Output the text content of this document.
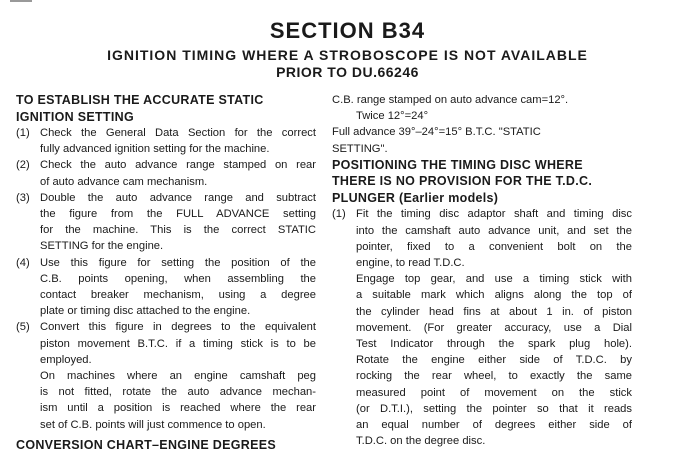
SECTION B34
IGNITION TIMING WHERE A STROBOSCOPE IS NOT AVAILABLE
PRIOR TO DU.66246
TO ESTABLISH THE ACCURATE STATIC
IGNITION SETTING
(1) Check the General Data Section for the correct
fully advanced ignition setting for the machine.
(2) Check the auto advance range stamped on rear
of auto advance cam mechanism.
(3) Double the auto advance range and subtract
the figure from the FULL ADVANCE setting
for the machine. This is the correct STATIC
SETTING for the engine.
(4) Use this figure for setting the position of the
C.B. points opening, when assembling the
contact breaker mechanism, using a degree
plate or timing disc attached to the engine.
(5) Convert this figure in degrees to the equivalent
piston movement B.T.C. if a timing stick is to be
employed.
On machines where an engine camshaft peg
is not fitted, rotate the auto advance mechan-
ism until a position is reached where the rear
set of C.B. points will just commence to open.
CONVERSION CHART–ENGINE DEGREES
C.B. range stamped on auto advance cam=12°.
Twice 12°=24°
Full advance 39°–24°=15° B.T.C. "STATIC
SETTING".
POSITIONING THE TIMING DISC WHERE
THERE IS NO PROVISION FOR THE T.D.C.
PLUNGER (Earlier models)
(1) Fit the timing disc adaptor shaft and timing disc
into the camshaft auto advance unit, and set the
pointer, fixed to a convenient bolt on the
engine, to read T.D.C.
Engage top gear, and use a timing stick with
a suitable mark which aligns along the top of
the cylinder head fins at about 1 in. of piston
movement. (For greater accuracy, use a Dial
Test Indicator through the spark plug hole).
Rotate the engine either side of T.D.C. by
rocking the rear wheel, to exactly the same
measured point of movement on the stick
(or D.T.I.), setting the pointer so that it reads
an equal number of degrees either side of
T.D.C. on the degree disc.
